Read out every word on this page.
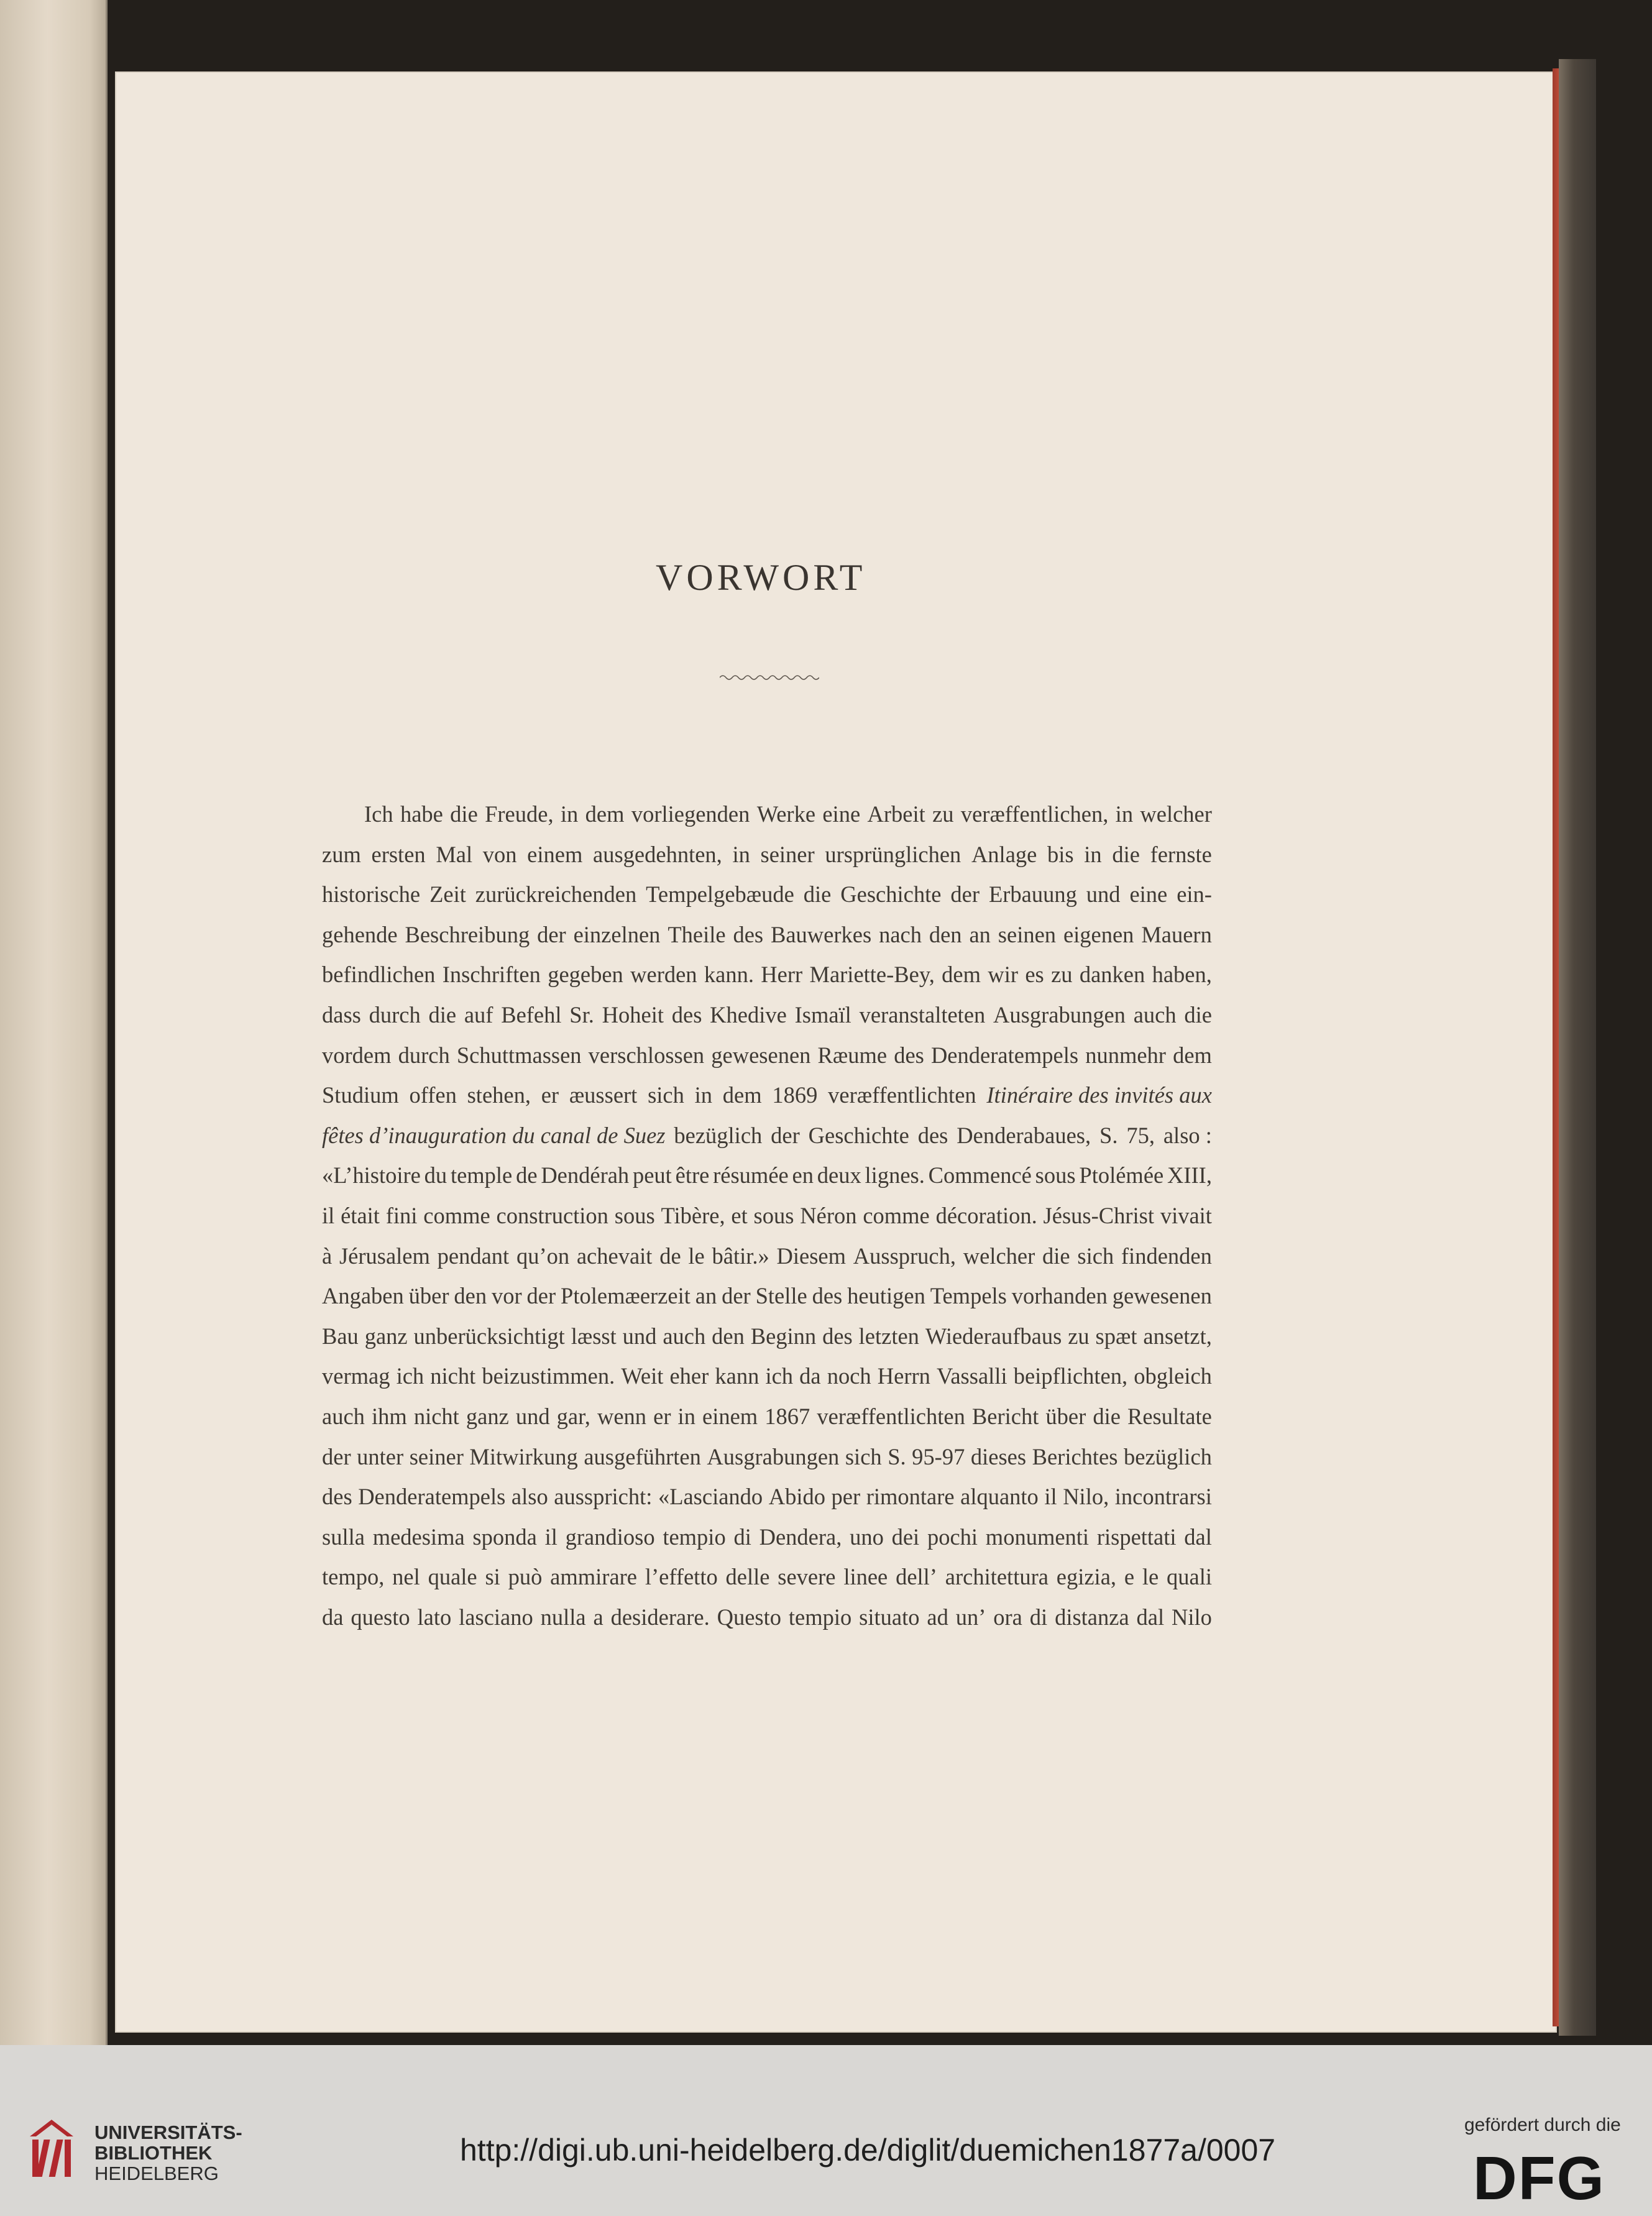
VORWORT
Ich habe die Freude, in dem vorliegenden Werke eine Arbeit zu veræffentlichen, in welcher
zum ersten Mal von einem ausgedehnten, in seiner ursprünglichen Anlage bis in die fernste
historische Zeit zurückreichenden Tempelgebæude die Geschichte der Erbauung und eine ein-
gehende Beschreibung der einzelnen Theile des Bauwerkes nach den an seinen eigenen Mauern
befindlichen Inschriften gegeben werden kann. Herr Mariette-Bey, dem wir es zu danken haben,
dass durch die auf Befehl Sr. Hoheit des Khedive Ismaïl veranstalteten Ausgrabungen auch die
vordem durch Schuttmassen verschlossen gewesenen Ræume des Denderatempels nunmehr dem
Studium offen stehen, er æussert sich in dem 1869 veræffentlichten Itinéraire des invités aux
fêtes d’inauguration du canal de Suez bezüglich der Geschichte des Denderabaues, S. 75, also :
«L’histoire du temple de Dendérah peut être résumée en deux lignes. Commencé sous Ptolémée XIII,
il était fini comme construction sous Tibère, et sous Néron comme décoration. Jésus-Christ vivait
à Jérusalem pendant qu’on achevait de le bâtir.» Diesem Ausspruch, welcher die sich findenden
Angaben über den vor der Ptolemæerzeit an der Stelle des heutigen Tempels vorhanden gewesenen
Bau ganz unberücksichtigt læsst und auch den Beginn des letzten Wiederaufbaus zu spæt ansetzt,
vermag ich nicht beizustimmen. Weit eher kann ich da noch Herrn Vassalli beipflichten, obgleich
auch ihm nicht ganz und gar, wenn er in einem 1867 veræffentlichten Bericht über die Resultate
der unter seiner Mitwirkung ausgeführten Ausgrabungen sich S. 95-97 dieses Berichtes bezüglich
des Denderatempels also ausspricht: «Lasciando Abido per rimontare alquanto il Nilo, incontrarsi
sulla medesima sponda il grandioso tempio di Dendera, uno dei pochi monumenti rispettati dal
tempo, nel quale si può ammirare l’effetto delle severe linee dell’ architettura egizia, e le quali
da questo lato lasciano nulla a desiderare. Questo tempio situato ad un’ ora di distanza dal Nilo
UNIVERSITÄTS-
BIBLIOTHEK
HEIDELBERG
http://digi.ub.uni-heidelberg.de/diglit/duemichen1877a/0007
gefördert durch die
DFG
